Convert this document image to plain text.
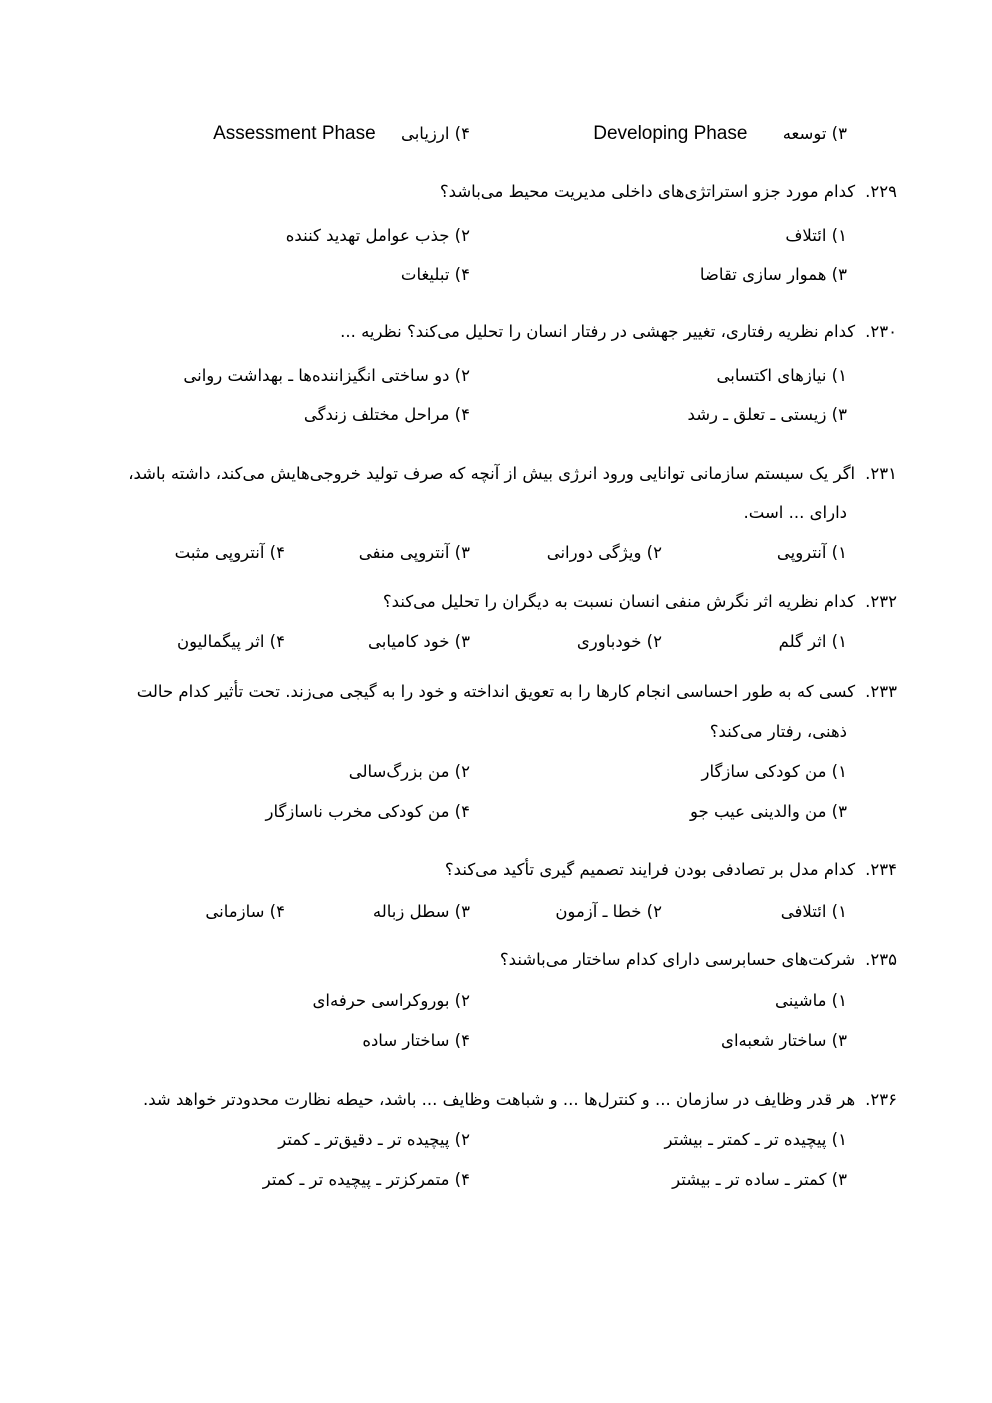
۳) توسعه Developing Phase
۴) ارزیابی Assessment Phase
۲۲۹.کدام مورد جزو استراتژی‌های داخلی مدیریت محیط می‌باشد؟
۱) ائتلاف
۲) جذب عوامل تهدید کننده
۳) هموار سازی تقاضا
۴) تبلیغات
۲۳۰.کدام نظریه رفتاری، تغییر جهشی در رفتار انسان را تحلیل می‌کند؟ نظریه ...
۱) نیازهای اکتسابی
۲) دو ساختی انگیزاننده‌ها ـ بهداشت روانی
۳) زیستی ـ تعلق ـ رشد
۴) مراحل مختلف زندگی
۲۳۱.اگر یک سیستم سازمانی توانایی ورود انرژی بیش از آنچه که صرف تولید خروجی‌هایش می‌کند، داشته باشد،
دارای ... است.
۱) آنتروپی
۲) ویژگی دورانی
۳) آنتروپی منفی
۴) آنتروپی مثبت
۲۳۲.کدام نظریه اثر نگرش منفی انسان نسبت به دیگران را تحلیل می‌کند؟
۱) اثر گلم
۲) خودباوری
۳) خود کامیابی
۴) اثر پیگمالیون
۲۳۳.کسی که به طور احساسی انجام کارها را به تعویق انداخته و خود را به گیجی می‌زند. تحت تأثیر کدام حالت
ذهنی، رفتار می‌کند؟
۱) من کودکی سازگار
۲) من بزرگ‌سالی
۳) من والدینی عیب جو
۴) من کودکی مخرب ناسازگار
۲۳۴.کدام مدل بر تصادفی بودن فرایند تصمیم گیری تأکید می‌کند؟
۱) ائتلافی
۲) خطا ـ آزمون
۳) سطل زباله
۴) سازمانی
۲۳۵.شرکت‌های حسابرسی دارای کدام ساختار می‌باشند؟
۱) ماشینی
۲) بوروکراسی حرفه‌ای
۳) ساختار شعبه‌ای
۴) ساختار ساده
۲۳۶.هر قدر وظایف در سازمان ... و کنترل‌ها ... و شباهت وظایف ... باشد، حیطه نظارت محدودتر خواهد شد.
۱) پیچیده تر ـ کمتر ـ بیشتر
۲) پیچیده تر ـ دقیق‌تر ـ کمتر
۳) کمتر ـ ساده تر ـ بیشتر
۴) متمرکزتر ـ پیچیده تر ـ کمتر
